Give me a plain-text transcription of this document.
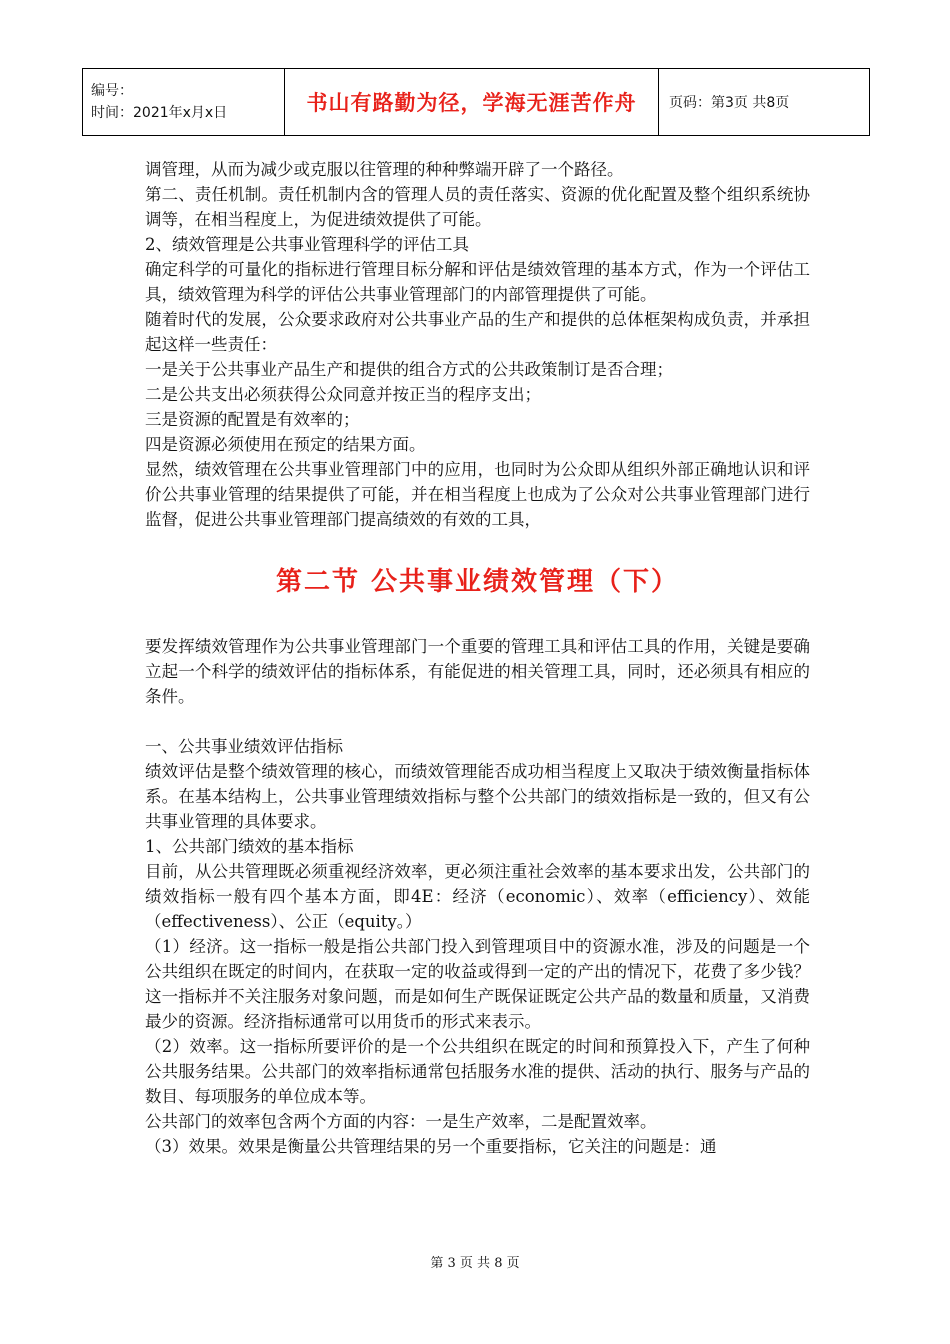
编号：
时间：2021年x月x日	书山有路勤为径，学海无涯苦作舟 页码：第3页 共8页

调管理，从而为减少或克服以往管理的种种弊端开辟了一个路径。

第二、责任机制。责任机制内含的管理人员的责任落实、资源的优化配置及整个组织系统协调等，在相当程度上，为促进绩效提供了可能。

2、绩效管理是公共事业管理科学的评估工具

确定科学的可量化的指标进行管理目标分解和评估是绩效管理的基本方式，作为一个评估工具，绩效管理为科学的评估公共事业管理部门的内部管理提供了可能。

随着时代的发展，公众要求政府对公共事业产品的生产和提供的总体框架构成负责，并承担起这样一些责任：

一是关于公共事业产品生产和提供的组合方式的公共政策制订是否合理；

二是公共支出必须获得公众同意并按正当的程序支出；

三是资源的配置是有效率的；

四是资源必须使用在预定的结果方面。

显然，绩效管理在公共事业管理部门中的应用，也同时为公众即从组织外部正确地认识和评价公共事业管理的结果提供了可能，并在相当程度上也成为了公众对公共事业管理部门进行监督，促进公共事业管理部门提高绩效的有效的工具，

第二节 公共事业绩效管理（下）

要发挥绩效管理作为公共事业管理部门一个重要的管理工具和评估工具的作用，关键是要确立起一个科学的绩效评估的指标体系，有能促进的相关管理工具，同时，还必须具有相应的条件。

一、公共事业绩效评估指标

绩效评估是整个绩效管理的核心，而绩效管理能否成功相当程度上又取决于绩效衡量指标体系。在基本结构上，公共事业管理绩效指标与整个公共部门的绩效指标是一致的，但又有公共事业管理的具体要求。

1、公共部门绩效的基本指标

目前，从公共管理既必须重视经济效率，更必须注重社会效率的基本要求出发，公共部门的绩效指标一般有四个基本方面，即4E：经济（economic）、效率（efficiency）、效能（effectiveness）、公正（equity。）

（1）经济。这一指标一般是指公共部门投入到管理项目中的资源水准，涉及的问题是一个公共组织在既定的时间内，在获取一定的收益或得到一定的产出的情况下，花费了多少钱？这一指标并不关注服务对象问题，而是如何生产既保证既定公共产品的数量和质量，又消费最少的资源。经济指标通常可以用货币的形式来表示。

（2）效率。这一指标所要评价的是一个公共组织在既定的时间和预算投入下，产生了何种公共服务结果。公共部门的效率指标通常包括服务水准的提供、活动的执行、服务与产品的数目、每项服务的单位成本等。

公共部门的效率包含两个方面的内容：一是生产效率，二是配置效率。

（3）效果。效果是衡量公共管理结果的另一个重要指标，它关注的问题是：通

第 3 页 共 8 页
